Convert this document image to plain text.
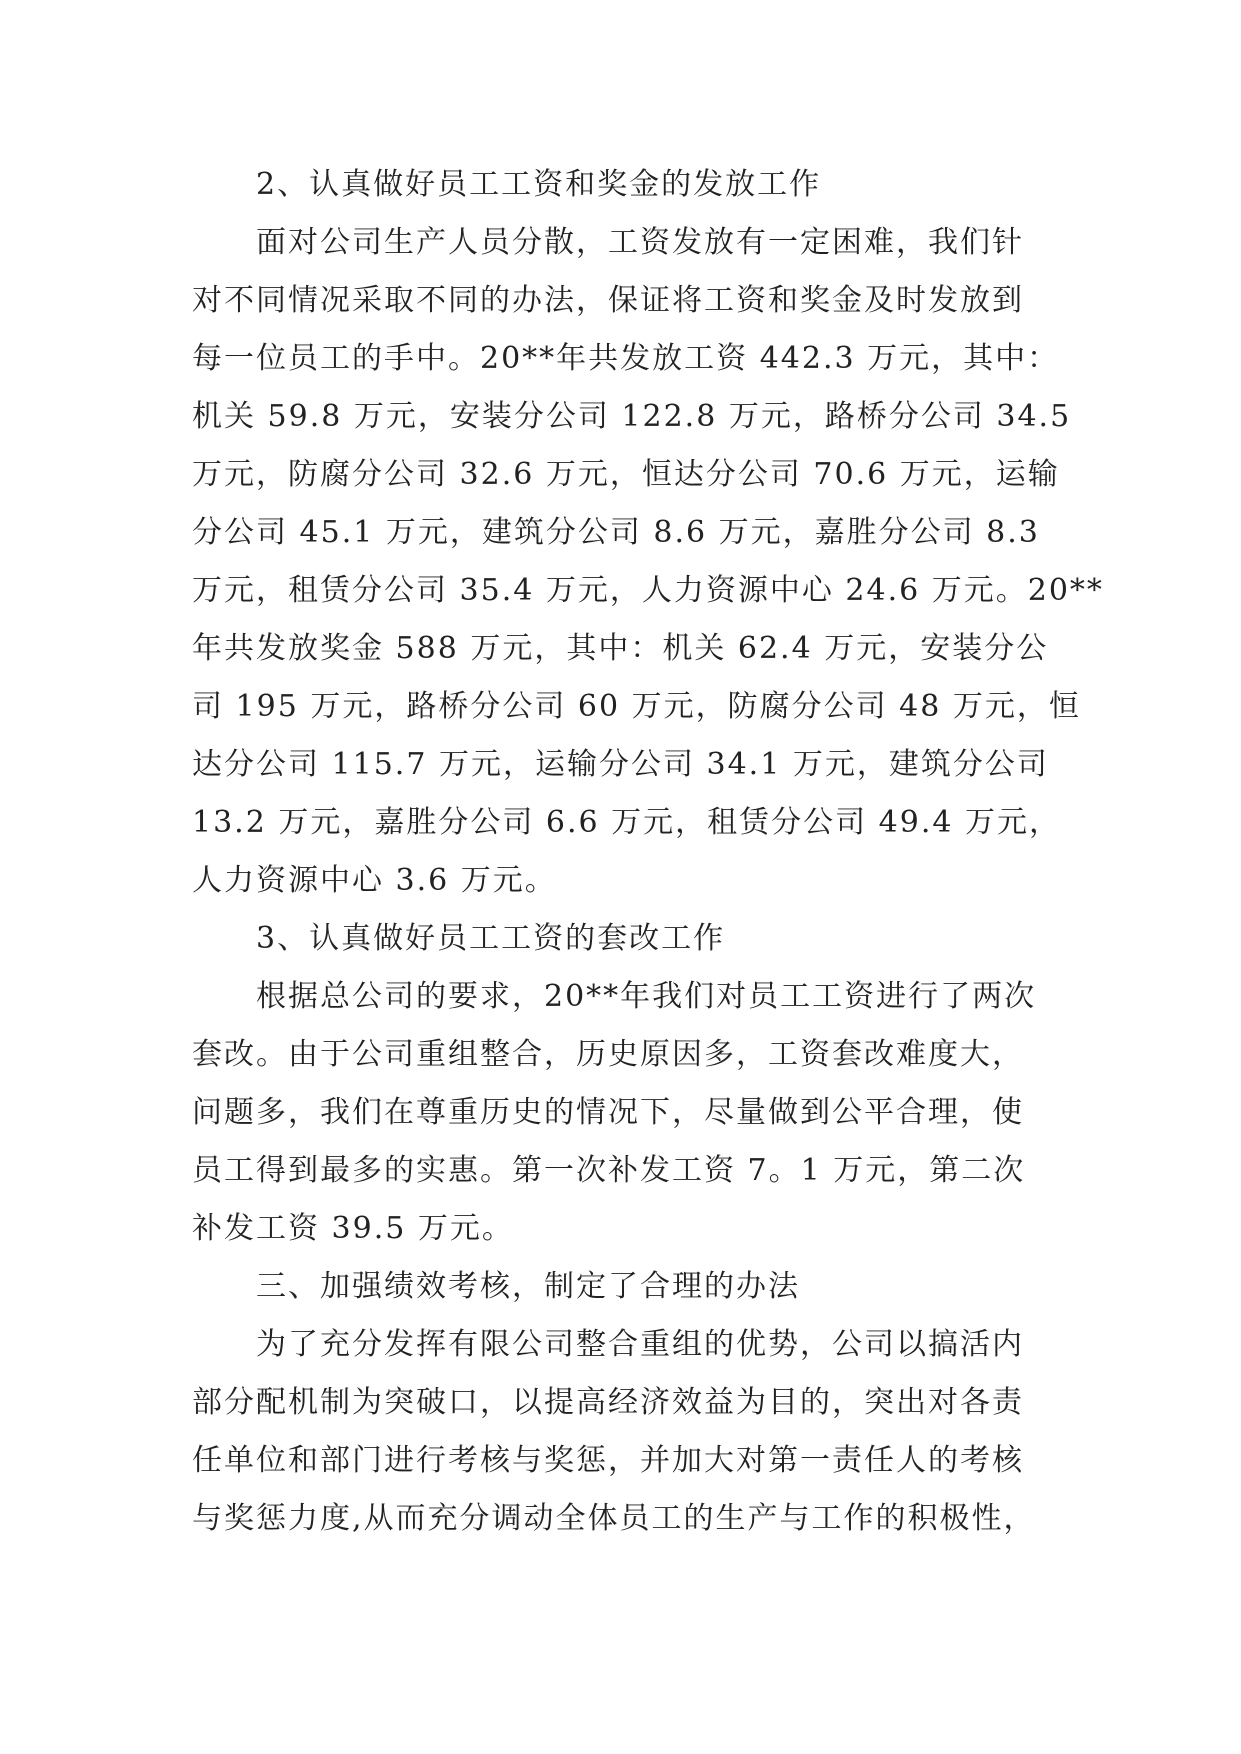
2、认真做好员工工资和奖金的发放工作
面对公司生产人员分散，工资发放有一定困难，我们针
对不同情况采取不同的办法，保证将工资和奖金及时发放到
每一位员工的手中。20**年共发放工资 442.3 万元，其中：
机关 59.8 万元，安装分公司 122.8 万元，路桥分公司 34.5
万元，防腐分公司 32.6 万元，恒达分公司 70.6 万元，运输
分公司 45.1 万元，建筑分公司 8.6 万元，嘉胜分公司 8.3
万元，租赁分公司 35.4 万元，人力资源中心 24.6 万元。20**
年共发放奖金 588 万元，其中：机关 62.4 万元，安装分公
司 195 万元，路桥分公司 60 万元，防腐分公司 48 万元，恒
达分公司 115.7 万元，运输分公司 34.1 万元，建筑分公司
13.2 万元，嘉胜分公司 6.6 万元，租赁分公司 49.4 万元，
人力资源中心 3.6 万元。
3、认真做好员工工资的套改工作
根据总公司的要求，20**年我们对员工工资进行了两次
套改。由于公司重组整合，历史原因多，工资套改难度大，
问题多，我们在尊重历史的情况下，尽量做到公平合理，使
员工得到最多的实惠。第一次补发工资 7。1 万元，第二次
补发工资 39.5 万元。
三、加强绩效考核，制定了合理的办法
为了充分发挥有限公司整合重组的优势，公司以搞活内
部分配机制为突破口，以提高经济效益为目的，突出对各责
任单位和部门进行考核与奖惩，并加大对第一责任人的考核
与奖惩力度,从而充分调动全体员工的生产与工作的积极性，
